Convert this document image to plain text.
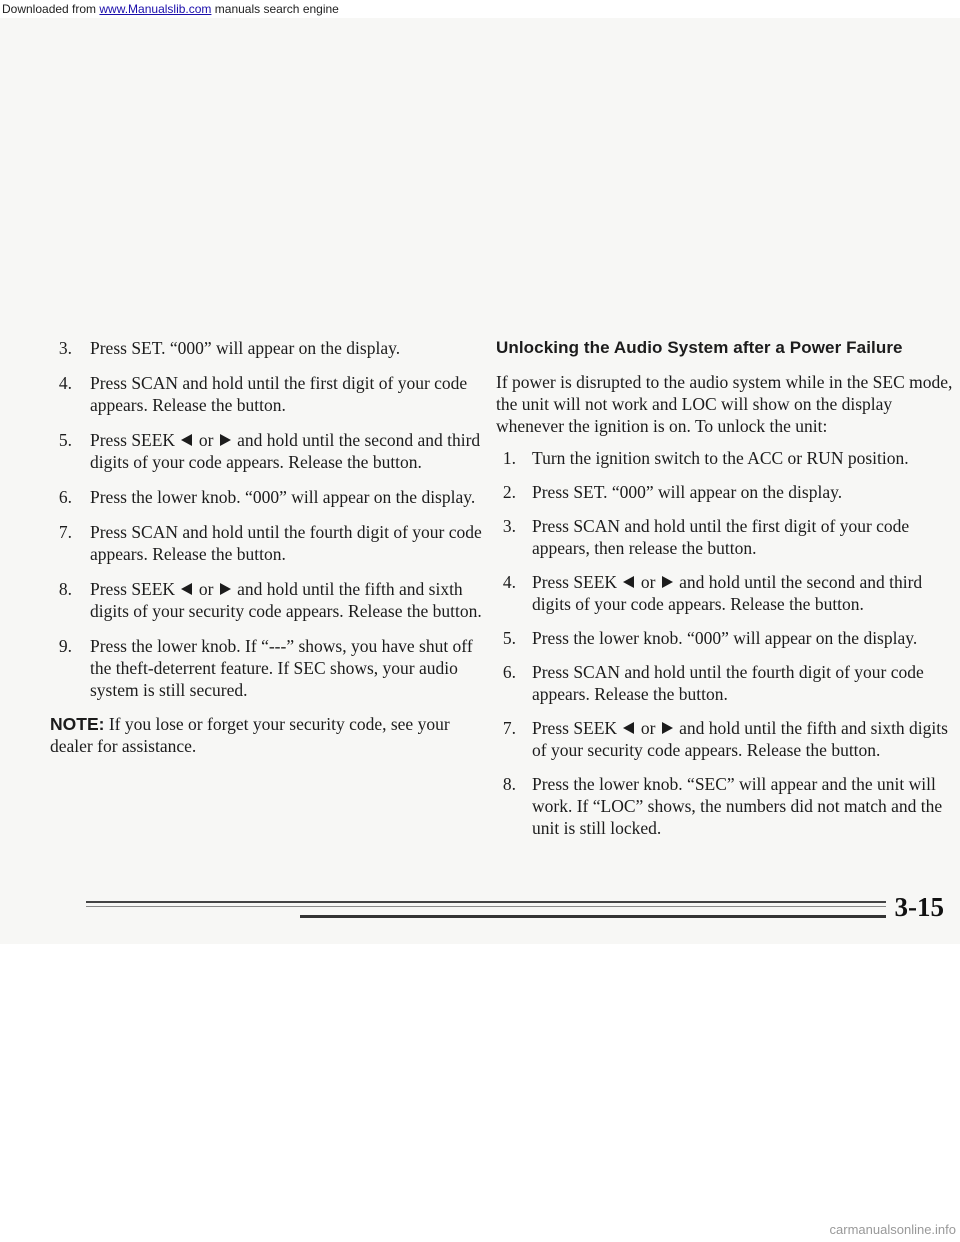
Downloaded from www.Manualslib.com manuals search engine
3. Press SET. “000” will appear on the display.
4. Press SCAN and hold until the first digit of your code appears. Release the button.
5. Press SEEK  or  and hold until the second and third digits of your code appears. Release the button.
6. Press the lower knob. “000” will appear on the display.
7. Press SCAN and hold until the fourth digit of your code appears. Release the button.
8. Press SEEK  or  and hold until the fifth and sixth digits of your security code appears. Release the button.
9. Press the lower knob. If “---” shows, you have shut off the theft-deterrent feature. If SEC shows, your audio system is still secured.

NOTE: If you lose or forget your security code, see your dealer for assistance.

Unlocking the Audio System after a Power Failure

If power is disrupted to the audio system while in the SEC mode, the unit will not work and LOC will show on the display whenever the ignition is on. To unlock the unit:

1. Turn the ignition switch to the ACC or RUN position.
2. Press SET. “000” will appear on the display.
3. Press SCAN and hold until the first digit of your code appears, then release the button.
4. Press SEEK  or  and hold until the second and third digits of your code appears. Release the button.
5. Press the lower knob. “000” will appear on the display.
6. Press SCAN and hold until the fourth digit of your code appears. Release the button.
7. Press SEEK  or  and hold until the fifth and sixth digits of your security code appears. Release the button.
8. Press the lower knob. “SEC” will appear and the unit will work. If “LOC” shows, the numbers did not match and the unit is still locked.
3-15
carmanualsonline.info
